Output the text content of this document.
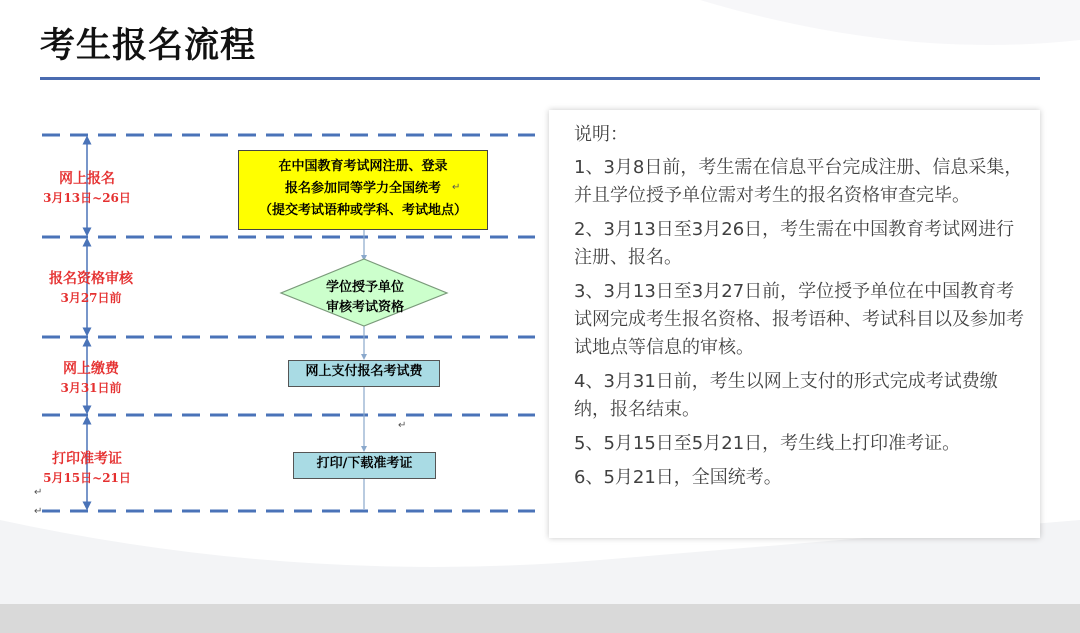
考生报名流程
网上报名
3月13日~26日
报名资格审核
3月27日前
网上缴费
3月31日前
打印准考证
5月15日~21日
在中国教育考试网注册、登录
报名参加同等学力全国统考
（提交考试语种或学科、考试地点）
学位授予单位
审核考试资格
网上支付报名考试费
打印/下载准考证
↵
↵
↵
↵
说明：
1、3月8日前，考生需在信息平台完成注册、信息采集，并且学位授予单位需对考生的报名资格审查完毕。
2、3月13日至3月26日，考生需在中国教育考试网进行注册、报名。
3、3月13日至3月27日前，学位授予单位在中国教育考试网完成考生报名资格、报考语种、考试科目以及参加考试地点等信息的审核。
4、3月31日前，考生以网上支付的形式完成考试费缴纳，报名结束。
5、5月15日至5月21日，考生线上打印准考证。
6、5月21日，全国统考。
